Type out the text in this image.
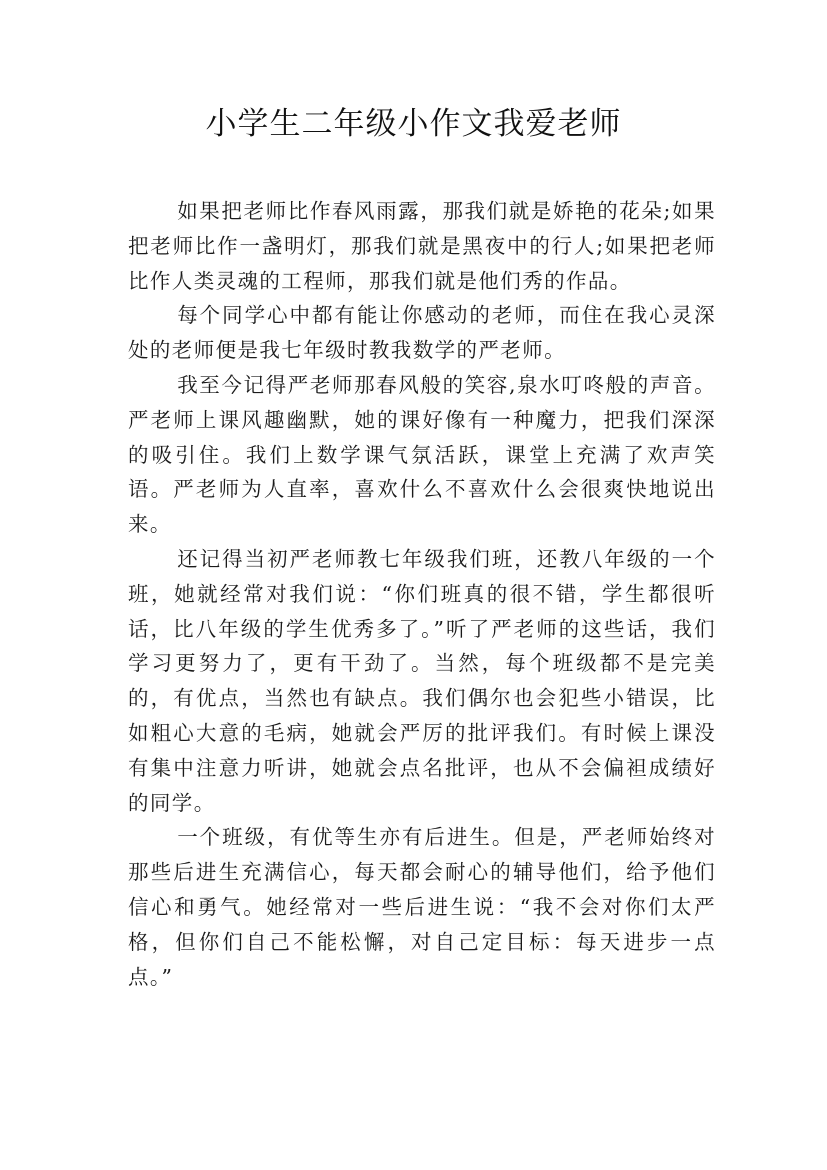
小学生二年级小作文我爱老师

如果把老师比作春风雨露，那我们就是娇艳的花朵;如果把老师比作一盏明灯，那我们就是黑夜中的行人;如果把老师比作人类灵魂的工程师，那我们就是他们秀的作品。

每个同学心中都有能让你感动的老师，而住在我心灵深处的老师便是我七年级时教我数学的严老师。

我至今记得严老师那春风般的笑容,泉水叮咚般的声音。严老师上课风趣幽默，她的课好像有一种魔力，把我们深深的吸引住。我们上数学课气氛活跃，课堂上充满了欢声笑语。严老师为人直率，喜欢什么不喜欢什么会很爽快地说出来。

还记得当初严老师教七年级我们班，还教八年级的一个班，她就经常对我们说：“你们班真的很不错，学生都很听话，比八年级的学生优秀多了。”听了严老师的这些话，我们学习更努力了，更有干劲了。当然，每个班级都不是完美的，有优点，当然也有缺点。我们偶尔也会犯些小错误，比如粗心大意的毛病，她就会严厉的批评我们。有时候上课没有集中注意力听讲，她就会点名批评，也从不会偏袒成绩好的同学。

一个班级，有优等生亦有后进生。但是，严老师始终对那些后进生充满信心，每天都会耐心的辅导他们，给予他们信心和勇气。她经常对一些后进生说：“我不会对你们太严格，但你们自己不能松懈，对自己定目标：每天进步一点点。”
